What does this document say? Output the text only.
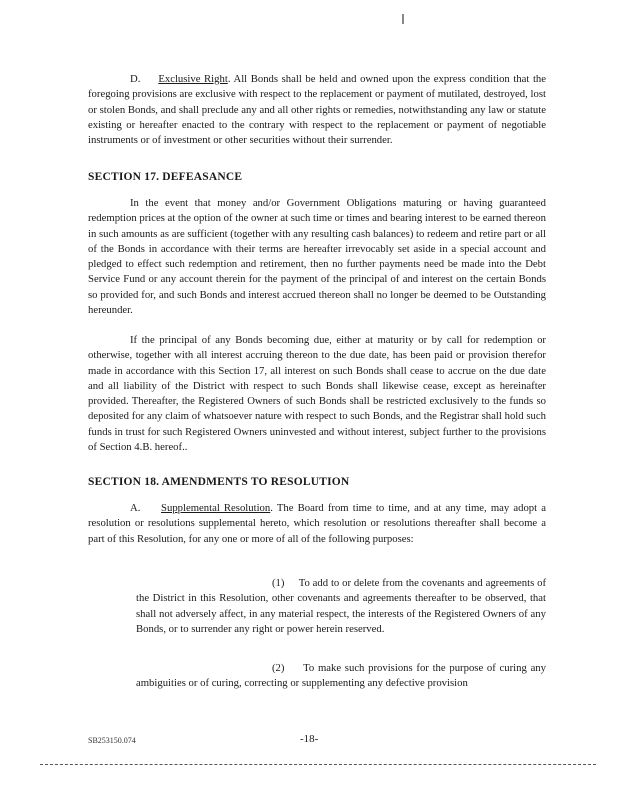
D. Exclusive Right. All Bonds shall be held and owned upon the express condition that the foregoing provisions are exclusive with respect to the replacement or payment of mutilated, destroyed, lost or stolen Bonds, and shall preclude any and all other rights or remedies, notwithstanding any law or statute existing or hereafter enacted to the contrary with respect to the replacement or payment of negotiable instruments or of investment or other securities without their surrender.
SECTION 17. DEFEASANCE
In the event that money and/or Government Obligations maturing or having guaranteed redemption prices at the option of the owner at such time or times and bearing interest to be earned thereon in such amounts as are sufficient (together with any resulting cash balances) to redeem and retire part or all of the Bonds in accordance with their terms are hereafter irrevocably set aside in a special account and pledged to effect such redemption and retirement, then no further payments need be made into the Debt Service Fund or any account therein for the payment of the principal of and interest on the certain Bonds so provided for, and such Bonds and interest accrued thereon shall no longer be deemed to be Outstanding hereunder.
If the principal of any Bonds becoming due, either at maturity or by call for redemption or otherwise, together with all interest accruing thereon to the due date, has been paid or provision therefor made in accordance with this Section 17, all interest on such Bonds shall cease to accrue on the due date and all liability of the District with respect to such Bonds shall likewise cease, except as hereinafter provided. Thereafter, the Registered Owners of such Bonds shall be restricted exclusively to the funds so deposited for any claim of whatsoever nature with respect to such Bonds, and the Registrar shall hold such funds in trust for such Registered Owners uninvested and without interest, subject further to the provisions of Section 4.B. hereof..
SECTION 18. AMENDMENTS TO RESOLUTION
A. Supplemental Resolution. The Board from time to time, and at any time, may adopt a resolution or resolutions supplemental hereto, which resolution or resolutions thereafter shall become a part of this Resolution, for any one or more of all of the following purposes:
(1) To add to or delete from the covenants and agreements of the District in this Resolution, other covenants and agreements thereafter to be observed, that shall not adversely affect, in any material respect, the interests of the Registered Owners of any Bonds, or to surrender any right or power herein reserved.
(2) To make such provisions for the purpose of curing any ambiguities or of curing, correcting or supplementing any defective provision
SB253150.074	-18-
